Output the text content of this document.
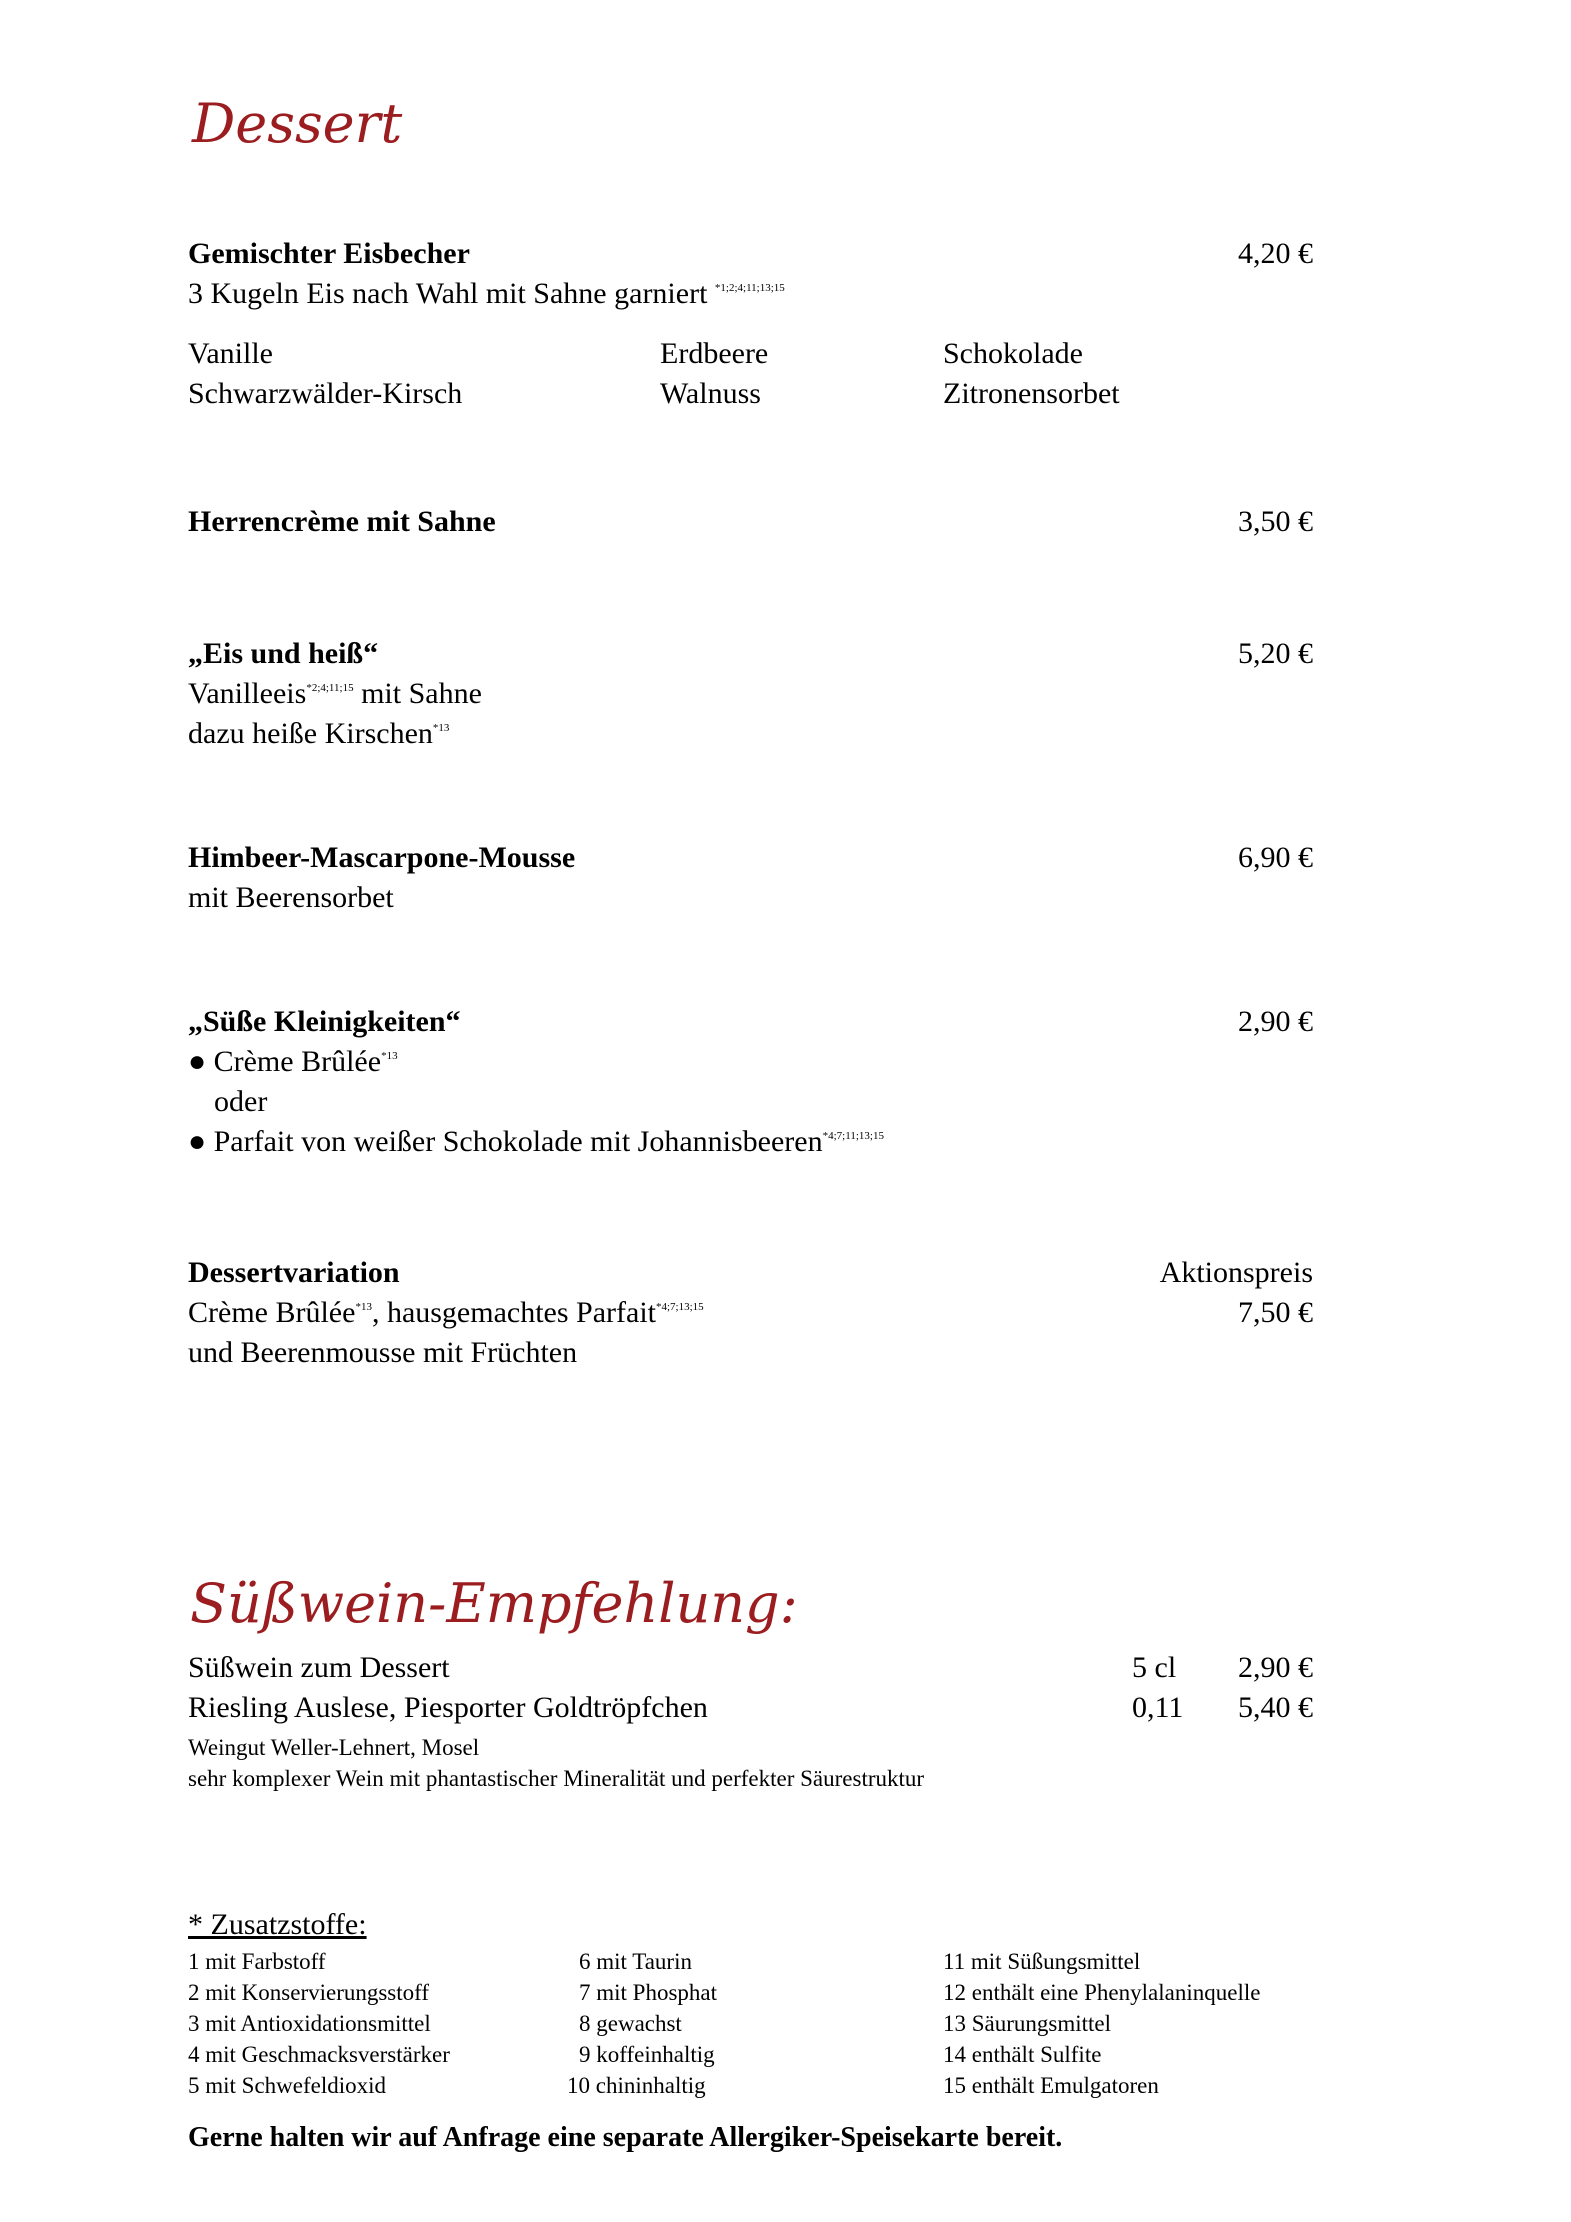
Dessert
Gemischter Eisbecher	4,20 €
3 Kugeln Eis nach Wahl mit Sahne garniert $^{*1;2;4;11;13;15}$
Vanille	Erdbeere	Schokolade
Schwarzwälder-Kirsch	Walnuss	Zitronensorbet
Herrencrème mit Sahne	3,50 €
„Eis und heiß“	5,20 €
Vanilleeis$^{*2;4;11;15}$ mit Sahne
dazu heiße Kirschen$^{*13}$
Himbeer-Mascarpone-Mousse	6,90 €
mit Beerensorbet
„Süße Kleinigkeiten“	2,90 €
● Crème Brûlée$^{*13}$
oder
● Parfait von weißer Schokolade mit Johannisbeeren$^{*4;7;11;13;15}$
Dessertvariation	Aktionspreis
Crème Brûlée$^{*13}$, hausgemachtes Parfait$^{*4;7;13;15}$	7,50 €
und Beerenmousse mit Früchten
Süßwein-Empfehlung:
Süßwein zum Dessert	5 cl 2,90 €
Riesling Auslese, Piesporter Goldtröpfchen	0,11 5,40 €
Weingut Weller-Lehnert, Mosel
sehr komplexer Wein mit phantastischer Mineralität und perfekter Säurestruktur
* Zusatzstoffe:
1 mit Farbstoff
2 mit Konservierungsstoff
3 mit Antioxidationsmittel
4 mit Geschmacksverstärker
5 mit Schwefeldioxid
6 mit Taurin
7 mit Phosphat
8 gewachst
9 koffeinhaltig
10 chininhaltig
11 mit Süßungsmittel
12 enthält eine Phenylalaninquelle
13 Säurungsmittel
14 enthält Sulfite
15 enthält Emulgatoren
Gerne halten wir auf Anfrage eine separate Allergiker-Speisekarte bereit.
